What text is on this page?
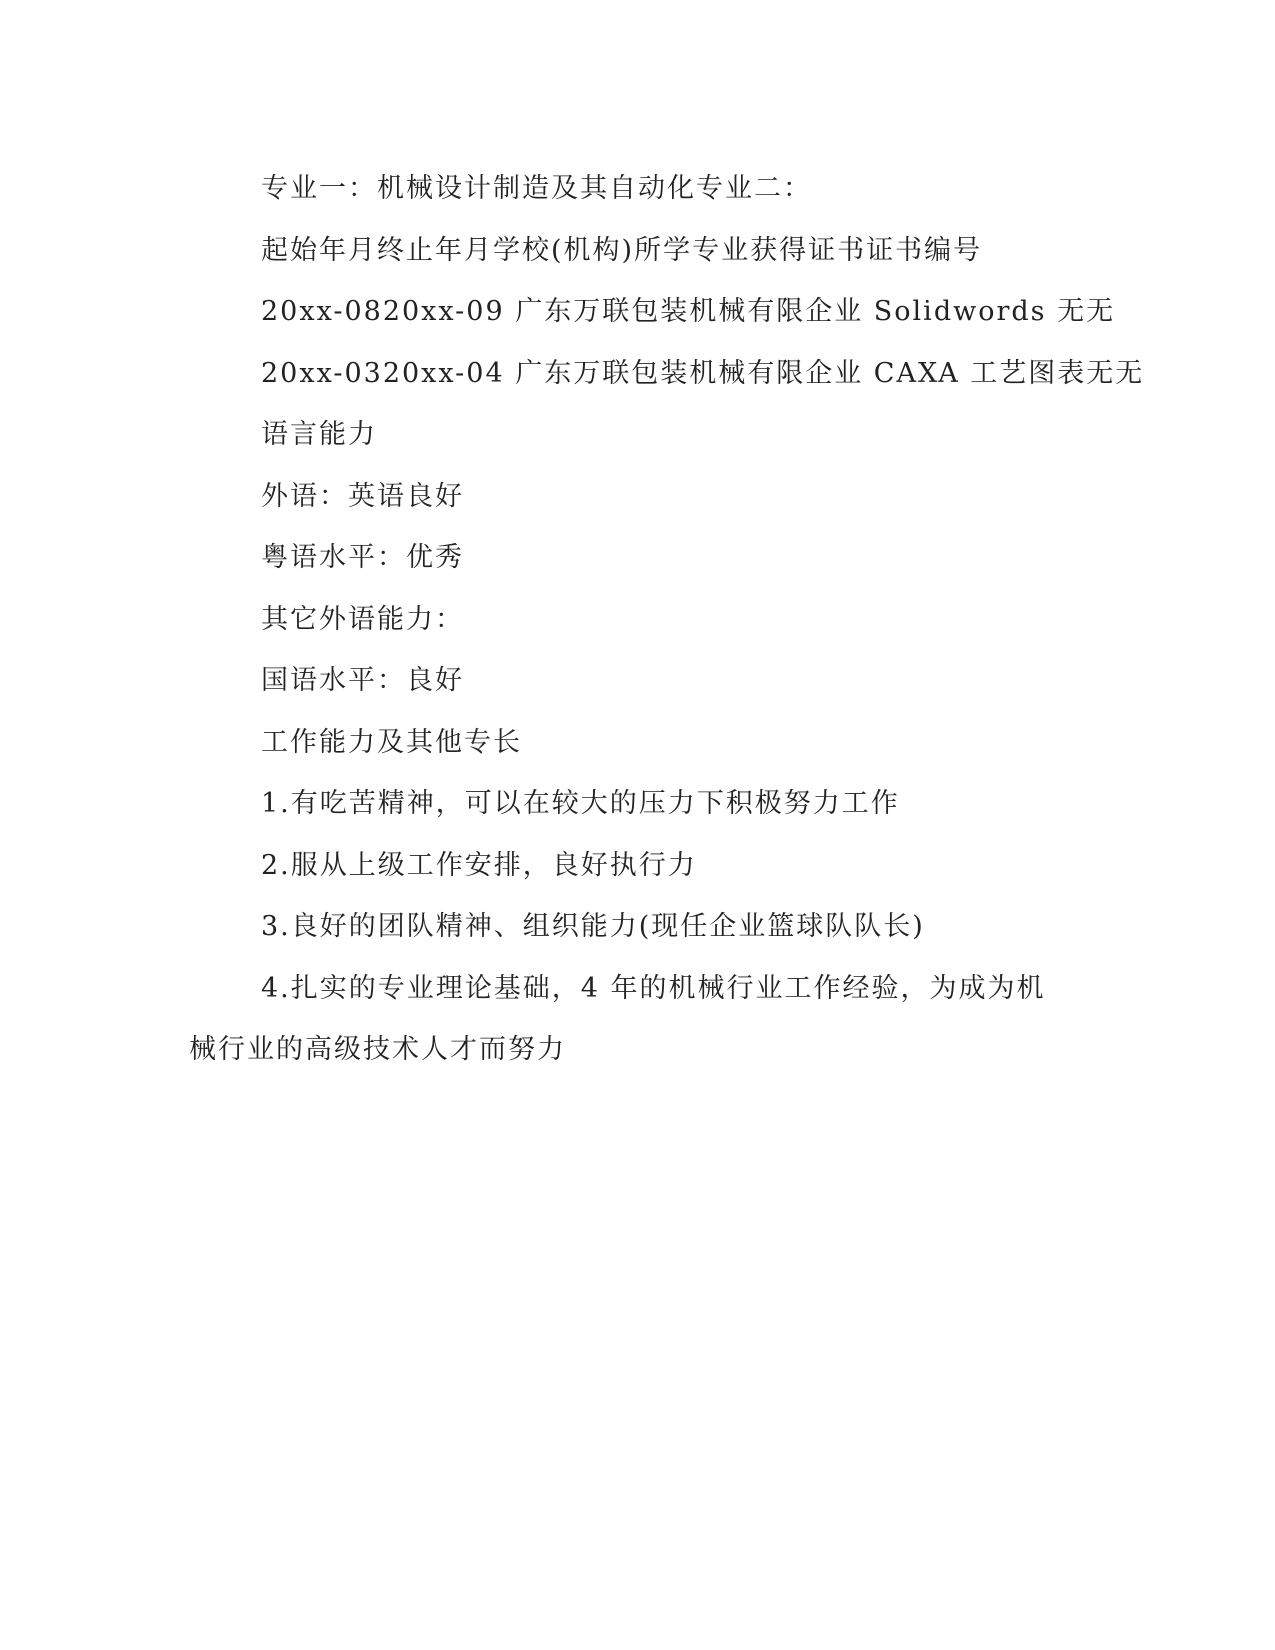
专业一：机械设计制造及其自动化专业二：
起始年月终止年月学校(机构)所学专业获得证书证书编号
20xx-0820xx-09 广东万联包装机械有限企业 Solidwords 无无
20xx-0320xx-04 广东万联包装机械有限企业 CAXA 工艺图表无无
语言能力
外语：英语良好
粤语水平：优秀
其它外语能力：
国语水平：良好
工作能力及其他专长
1.有吃苦精神，可以在较大的压力下积极努力工作
2.服从上级工作安排，良好执行力
3.良好的团队精神、组织能力(现任企业篮球队队长)
4.扎实的专业理论基础，4 年的机械行业工作经验，为成为机械行业的高级技术人才而努力
